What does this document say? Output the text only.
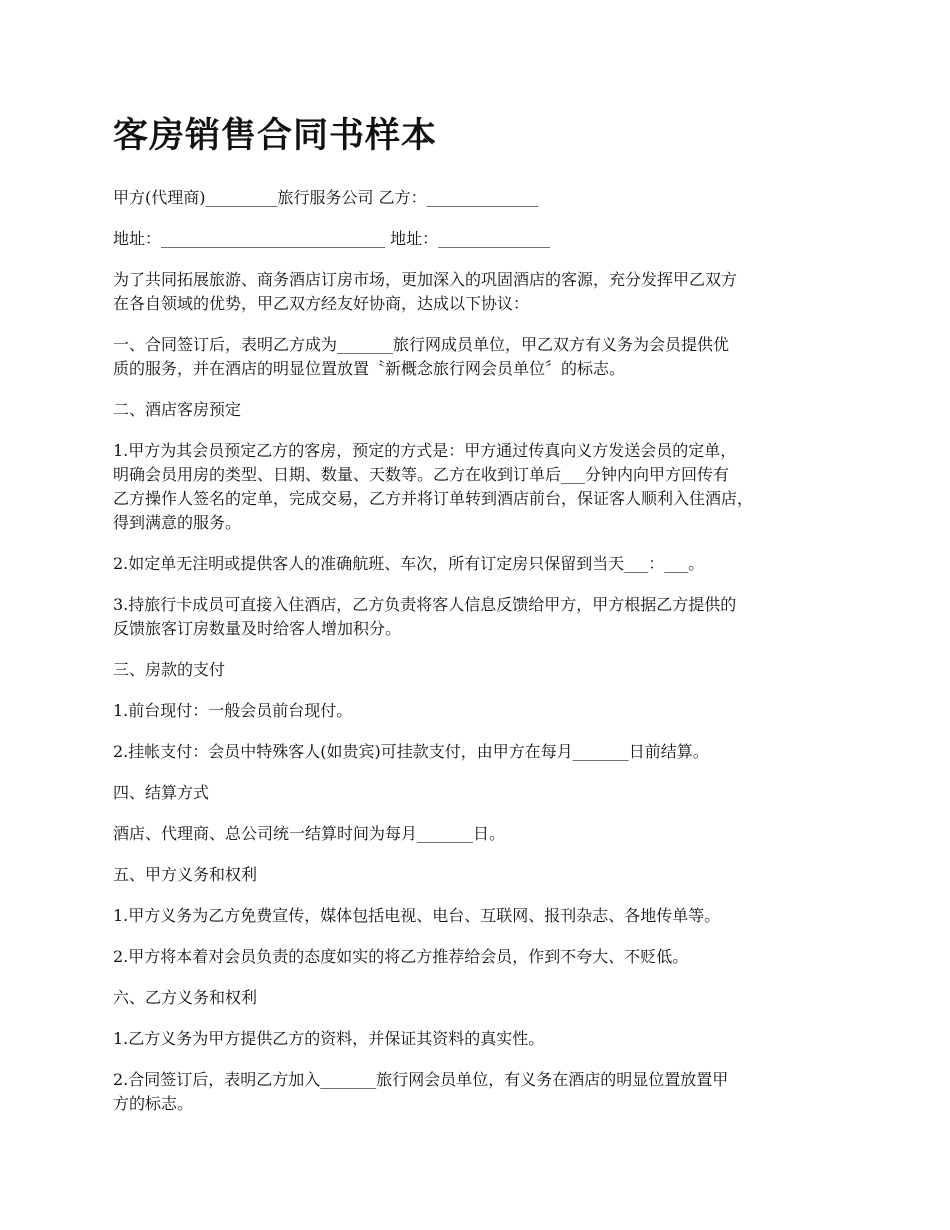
客房销售合同书样本

甲方(代理商)_________旅行服务公司 乙方：______________

地址：____________________________ 地址：______________

为了共同拓展旅游、商务酒店订房市场，更加深入的巩固酒店的客源，充分发挥甲乙双方
在各自领域的优势，甲乙双方经友好协商，达成以下协议：

一、合同签订后，表明乙方成为_______旅行网成员单位，甲乙双方有义务为会员提供优
质的服务，并在酒店的明显位置放置〝新概念旅行网会员单位〞的标志。

二、酒店客房预定

1.甲方为其会员预定乙方的客房，预定的方式是：甲方通过传真向义方发送会员的定单，
明确会员用房的类型、日期、数量、天数等。乙方在收到订单后___分钟内向甲方回传有
乙方操作人签名的定单，完成交易，乙方并将订单转到酒店前台，保证客人顺利入住酒店，
得到满意的服务。

2.如定单无注明或提供客人的准确航班、车次，所有订定房只保留到当天___：___。

3.持旅行卡成员可直接入住酒店，乙方负责将客人信息反馈给甲方，甲方根据乙方提供的
反馈旅客订房数量及时给客人增加积分。

三、房款的支付

1.前台现付：一般会员前台现付。

2.挂帐支付：会员中特殊客人(如贵宾)可挂款支付，由甲方在每月_______日前结算。

四、结算方式

酒店、代理商、总公司统一结算时间为每月_______日。

五、甲方义务和权利

1.甲方义务为乙方免费宣传，媒体包括电视、电台、互联网、报刊杂志、各地传单等。

2.甲方将本着对会员负责的态度如实的将乙方推荐给会员，作到不夸大、不贬低。

六、乙方义务和权利

1.乙方义务为甲方提供乙方的资料，并保证其资料的真实性。

2.合同签订后，表明乙方加入_______旅行网会员单位，有义务在酒店的明显位置放置甲
方的标志。
